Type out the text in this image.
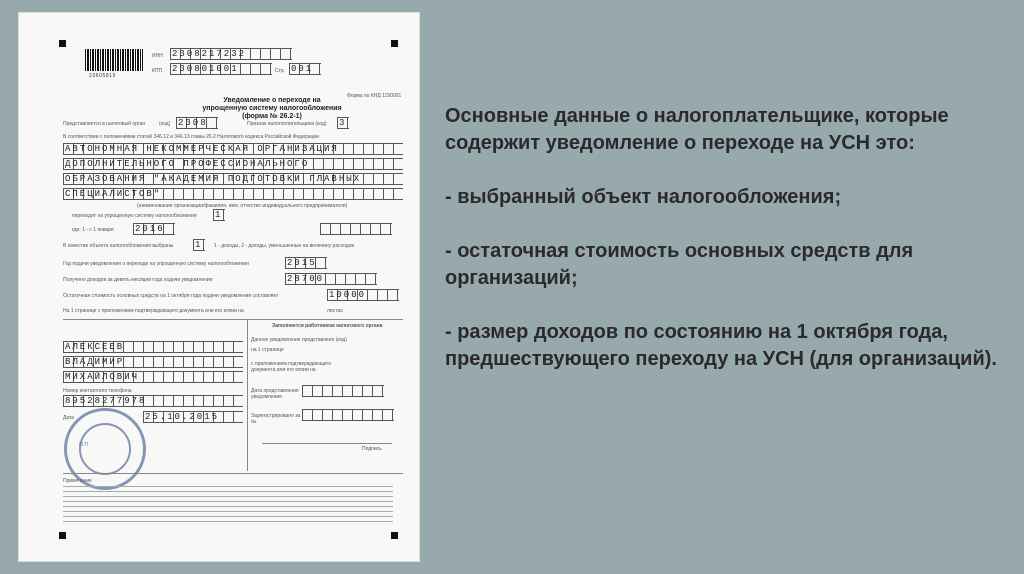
23605815
ИНН 2308217232
КПП 230801001	Стр. 001
Форма по КНД 1150001
Уведомление о переходе на упрощенную систему налогообложения (форма № 26.2-1)
Представляется в налоговый орган	(код) 2308	Признак налогоплательщика (код) 3
В соответствии с положениями статей 346.12 и 346.13 главы 26.2 Налогового кодекса Российской Федерации
АВТОНОМНАЯ НЕКОММЕРЧЕСКАЯ ОРГАНИЗАЦИЯ
ДОПОЛНИТЕЛЬНОГО ПРОФЕССИОНАЛЬНОГО
ОБРАЗОВАНИЯ "АКАДЕМИЯ ПОДГОТОВКИ ГЛАВНЫХ
СПЕЦИАЛИСТОВ"
(наименование организации/фамилия, имя, отчество индивидуального предпринимателя)
переходит на упрощенную систему налогообложения 1
где: 1 - с 1 января 2016
В качестве объекта налогообложения выбраны 1	1 - доходы, 2 - доходы, уменьшенные на величину расходов
Год подачи уведомления о переходе на упрощенную систему налогообложения	2015
Получено доходов за девять месяцев года подачи уведомления	28700
Остаточная стоимость основных средств на 1 октября года подачи уведомления составляет	10000
На 1 странице с приложением подтверждающего документа или его копии на	листах
АЛЕКСЕЕВ
ВЛАДИМИР
МИХАЙЛОВИЧ
Номер контактного телефона
89528277978
Дата	25.10.2015
Заполняется работником налогового органа
Данное уведомление представлено (код)
на 1 странице
с приложением подтверждающего документа или его копии на
Дата представления уведомления
Зарегистрировано за №
Подпись
М.П.
Примечание

Основные данные о налогоплательщике, которые содержит уведомление о переходе на УСН это:

- выбранный объект налогообложения;

- остаточная стоимость основных средств для организаций;

- размер доходов по состоянию на 1 октября года, предшествующего переходу на УСН (для организаций).
